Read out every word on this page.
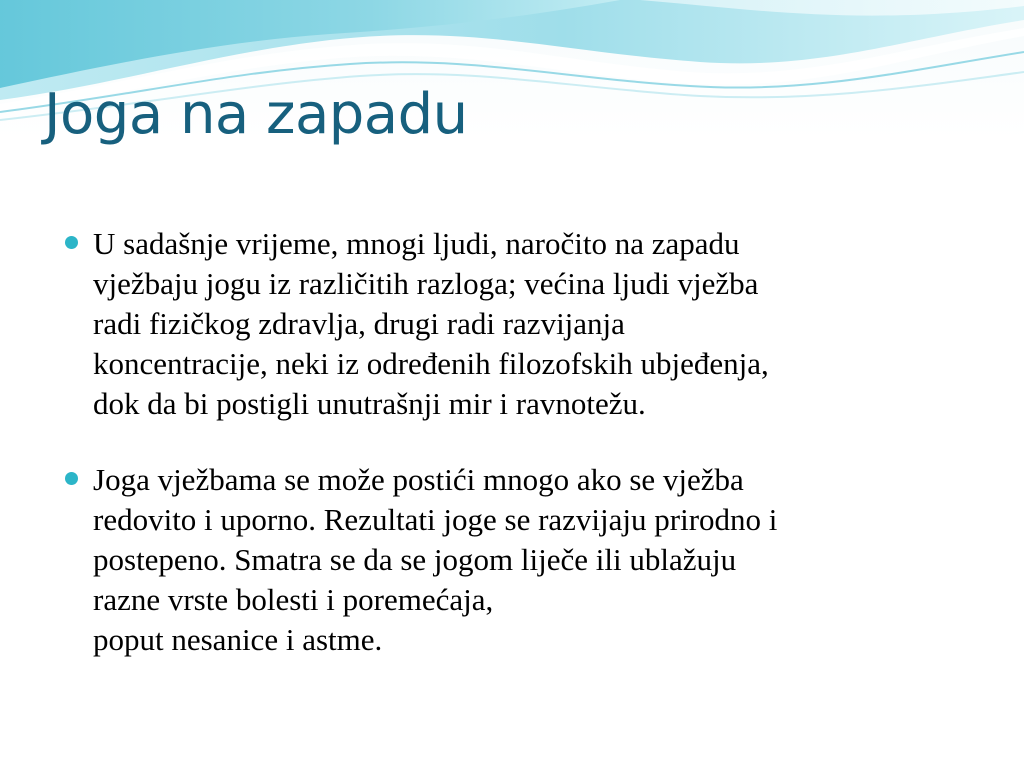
Joga na zapadu
U sadašnje vrijeme, mnogi ljudi, naročito na zapadu
vježbaju jogu iz različitih razloga; većina ljudi vježba
radi fizičkog zdravlja, drugi radi razvijanja
koncentracije, neki iz određenih filozofskih ubjeđenja,
dok da bi postigli unutrašnji mir i ravnotežu.
Joga vježbama se može postići mnogo ako se vježba
redovito i uporno. Rezultati joge se razvijaju prirodno i
postepeno. Smatra se da se jogom liječe ili ublažuju
razne vrste bolesti i poremećaja,
poput nesanice i astme.
